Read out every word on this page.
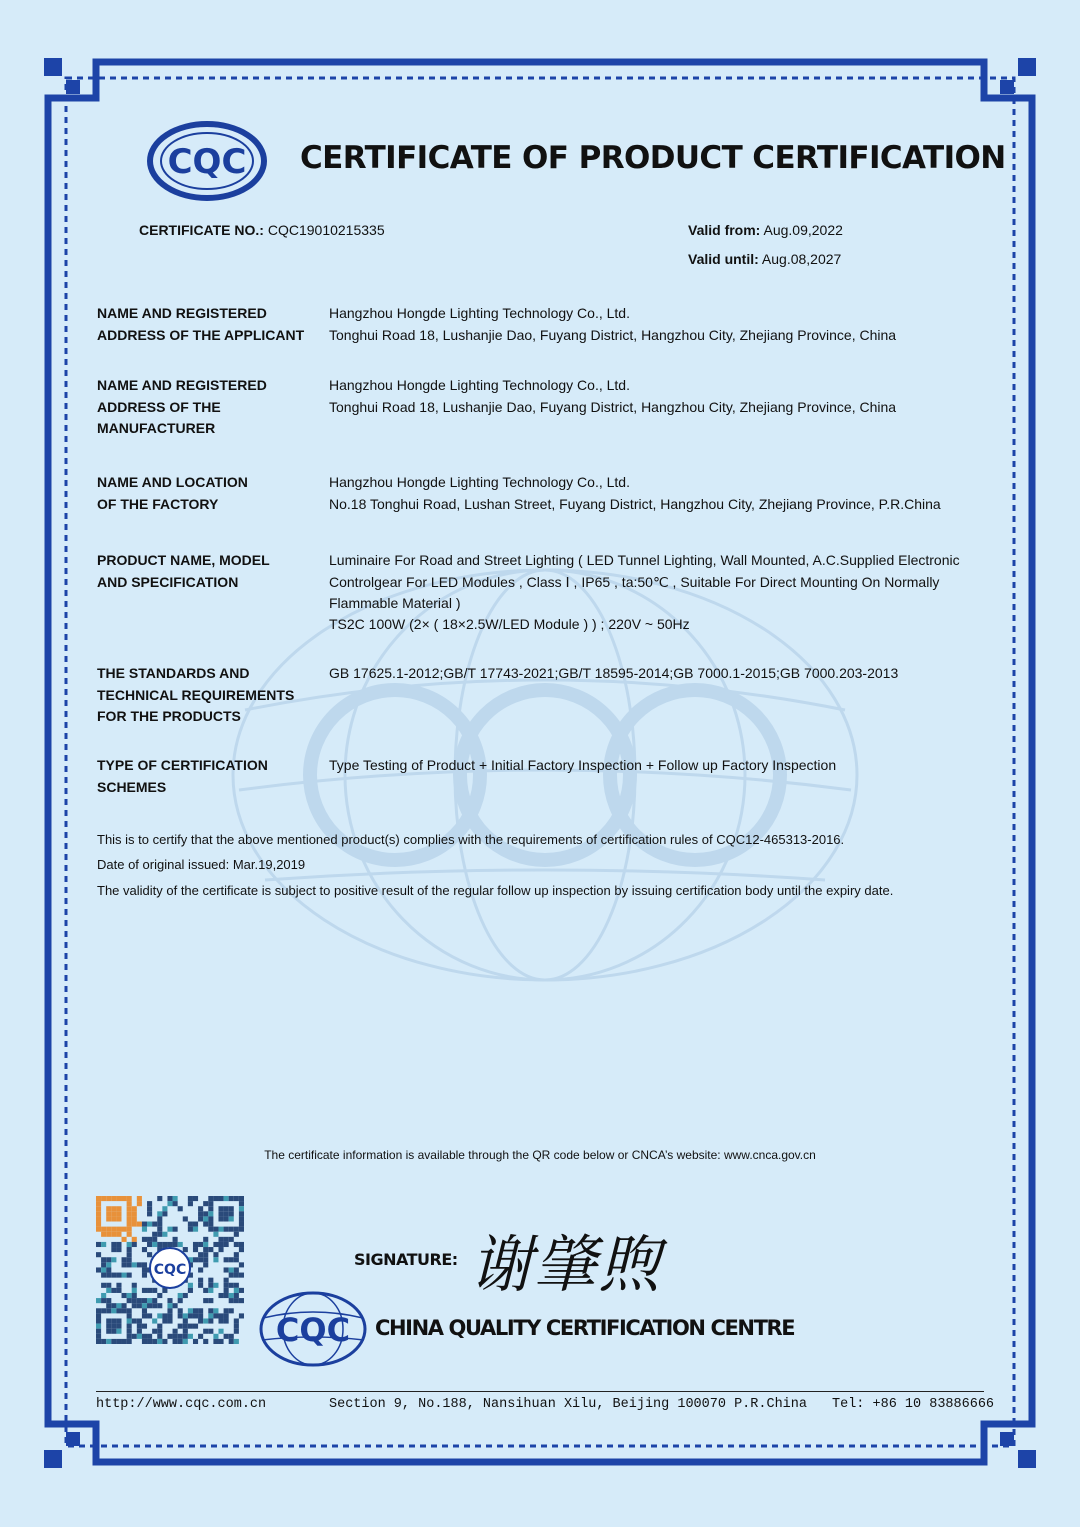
CQC CERTIFICATE OF PRODUCT CERTIFICATION
CERTIFICATE NO.: CQC19010215335	Valid from: Aug.09,2022
Valid until: Aug.08,2027
NAME AND REGISTERED
ADDRESS OF THE APPLICANT
Hangzhou Hongde Lighting Technology Co., Ltd.
Tonghui Road 18, Lushanjie Dao, Fuyang District, Hangzhou City, Zhejiang Province, China
NAME AND REGISTERED
ADDRESS OF THE
MANUFACTURER
Hangzhou Hongde Lighting Technology Co., Ltd.
Tonghui Road 18, Lushanjie Dao, Fuyang District, Hangzhou City, Zhejiang Province, China
NAME AND LOCATION
OF THE FACTORY
Hangzhou Hongde Lighting Technology Co., Ltd.
No.18 Tonghui Road, Lushan Street, Fuyang District, Hangzhou City, Zhejiang Province, P.R.China
PRODUCT NAME, MODEL
AND SPECIFICATION
Luminaire For Road and Street Lighting ( LED Tunnel Lighting, Wall Mounted, A.C.Supplied Electronic Controlgear For LED Modules , Class Ⅰ , IP65 , ta:50℃ , Suitable For Direct Mounting On Normally Flammable Material )
TS2C 100W (2× ( 18×2.5W/LED Module ) ) ; 220V ~ 50Hz
THE STANDARDS AND
TECHNICAL REQUIREMENTS
FOR THE PRODUCTS
GB 17625.1-2012;GB/T 17743-2021;GB/T 18595-2014;GB 7000.1-2015;GB 7000.203-2013
TYPE OF CERTIFICATION
SCHEMES
Type Testing of Product + Initial Factory Inspection + Follow up Factory Inspection
This is to certify that the above mentioned product(s) complies with the requirements of certification rules of CQC12-465313-2016.
Date of original issued: Mar.19,2019
The validity of the certificate is subject to positive result of the regular follow up inspection by issuing certification body until the expiry date.
The certificate information is available through the QR code below or CNCA’s website: www.cnca.gov.cn
CQC
SIGNATURE: 谢肇煦
CQC CHINA QUALITY CERTIFICATION CENTRE
http://www.cqc.com.cn	Section 9, No.188, Nansihuan Xilu, Beijing 100070 P.R.China Tel: +86 10 83886666
